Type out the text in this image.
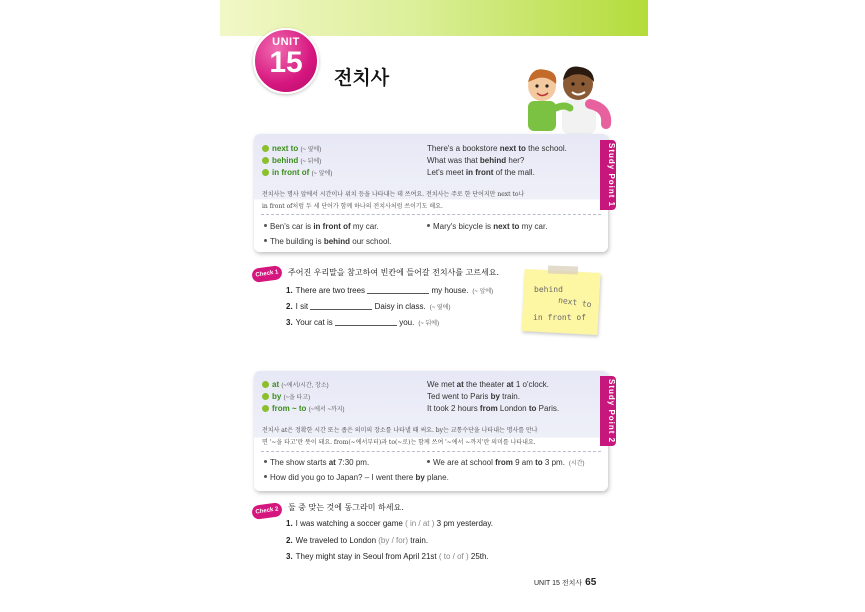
UNIT
15	전치사
Study Point 1
next to (~ 옆에)	There's a bookstore next to the school.
behind (~ 뒤에)	What was that behind her?
in front of (~ 앞에)	Let's meet in front of the mall.
전치사는 명사 앞에서 시간이나 위치 등을 나타내는 데 쓰여요. 전치사는 주로 한 단어지만 next to나
in front of처럼 두 세 단어가 함께 하나의 전치사처럼 쓰이기도 해요.
Ben's car is in front of my car.	Mary's bicycle is next to my car.
The building is behind our school.
Check 1	주어진 우리말을 참고하여 빈칸에 들어갈 전치사를 고르세요.
1. There are two trees	my house. (~ 앞에)
2. I sit	Daisy in class. (~ 옆에)
3. Your cat is	you. (~ 뒤에)
behind
next to
in front of
Study Point 2
at (~에서/시간, 장소)	We met at the theater at 1 o'clock.
by (~을 타고)	Ted went to Paris by train.
from ~ to (~에서 ~까지)	It took 2 hours from London to Paris.
전치사 at은 정확한 시간 또는 좁은 의미의 장소를 나타낼 때 써요. by는 교통수단을 나타내는 명사를 만나
면 '~을 타고'란 뜻이 돼요. from(~에서부터)과 to(~로)는 함께 쓰여 '~에서 ~까지'란 의미를 나타내요.
The show starts at 7:30 pm.	We are at school from 9 am to 3 pm. (시간)
How did you go to Japan? – I went there by plane.
Check 2	둘 중 맞는 것에 동그라미 하세요.
1. I was watching a soccer game ( in / at ) 3 pm yesterday.
2. We traveled to London (by / for) train.
3. They might stay in Seoul from April 21st ( to / of ) 25th.
UNIT 15 전치사 65
